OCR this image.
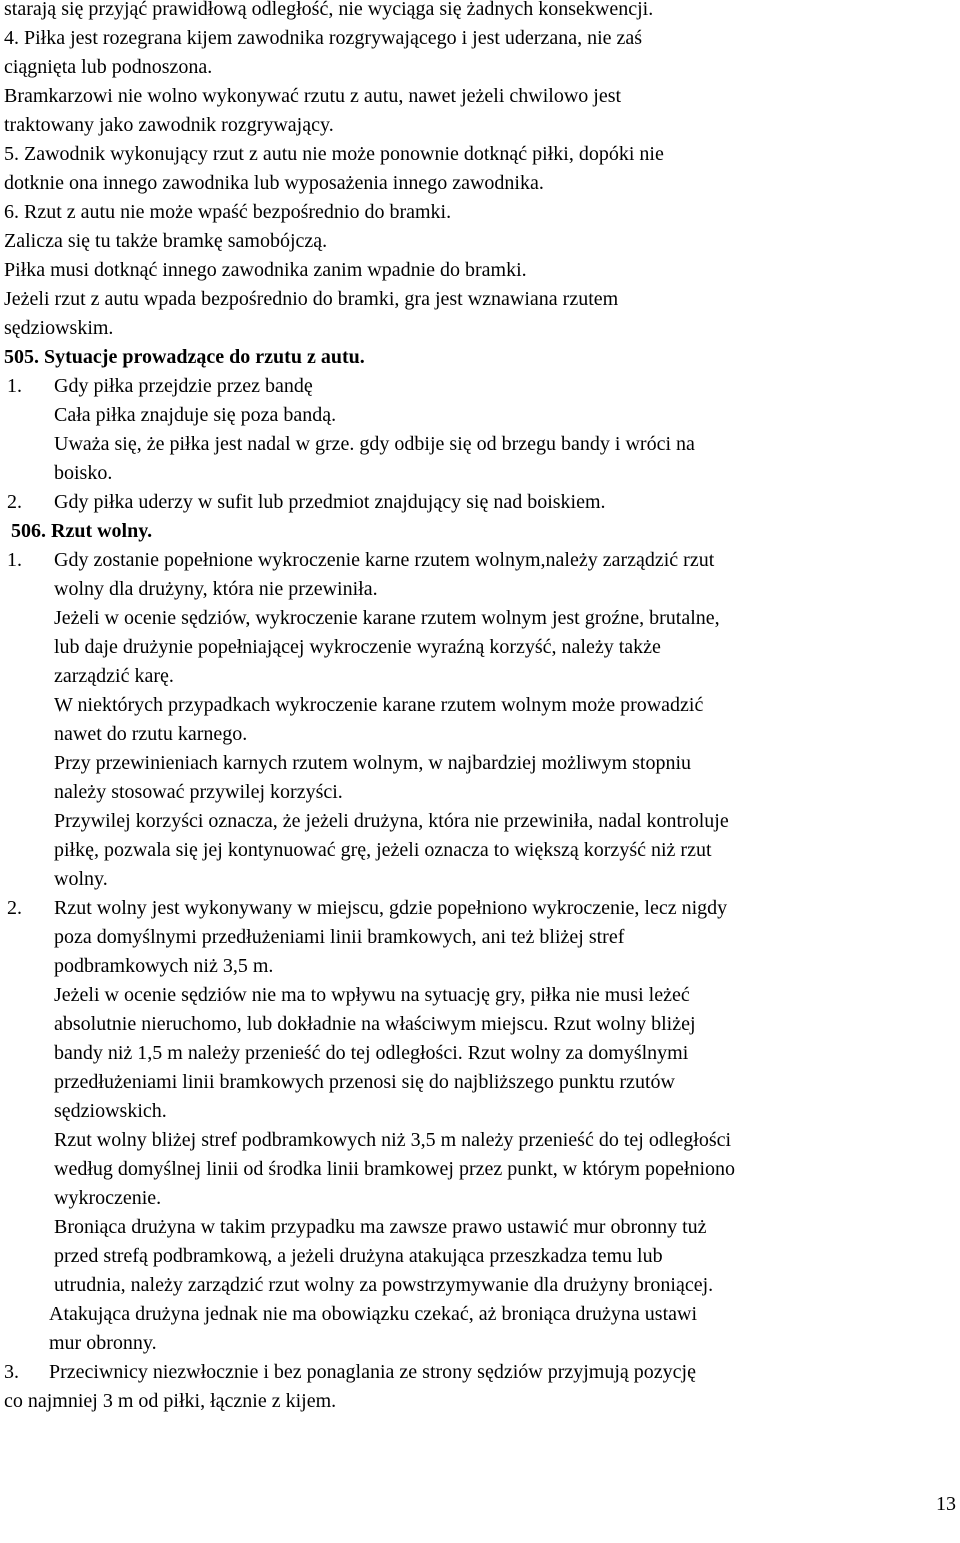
starają się przyjąć prawidłową odległość, nie wyciąga się żadnych konsekwencji.
4. Piłka jest rozegrana kijem zawodnika rozgrywającego i jest uderzana, nie zaś
ciągnięta lub podnoszona.
Bramkarzowi nie wolno wykonywać rzutu z autu, nawet jeżeli chwilowo jest
traktowany jako zawodnik rozgrywający.
5. Zawodnik wykonujący rzut z autu nie może ponownie dotknąć piłki, dopóki nie
dotknie ona innego zawodnika lub wyposażenia innego zawodnika.
6. Rzut z autu nie może wpaść bezpośrednio do bramki.
Zalicza się tu także bramkę samobójczą.
Piłka musi dotknąć innego zawodnika zanim wpadnie do bramki.
Jeżeli rzut z autu wpada bezpośrednio do bramki, gra jest wznawiana rzutem
sędziowskim.
505. Sytuacje prowadzące do rzutu z autu.
1. Gdy piłka przejdzie przez bandę
Cała piłka znajduje się poza bandą.
Uważa się, że piłka jest nadal w grze. gdy odbije się od brzegu bandy i wróci na
boisko.
2. Gdy piłka uderzy w sufit lub przedmiot znajdujący się nad boiskiem.
506. Rzut wolny.
1. Gdy zostanie popełnione wykroczenie karne rzutem wolnym,należy zarządzić rzut
wolny dla drużyny, która nie przewiniła.
Jeżeli w ocenie sędziów, wykroczenie karane rzutem wolnym jest groźne, brutalne,
lub daje drużynie popełniającej wykroczenie wyraźną korzyść, należy także
zarządzić karę.
W niektórych przypadkach wykroczenie karane rzutem wolnym może prowadzić
nawet do rzutu karnego.
Przy przewinieniach karnych rzutem wolnym, w najbardziej możliwym stopniu
należy stosować przywilej korzyści.
Przywilej korzyści oznacza, że jeżeli drużyna, która nie przewiniła, nadal kontroluje
piłkę, pozwala się jej kontynuować grę, jeżeli oznacza to większą korzyść niż rzut
wolny.
2. Rzut wolny jest wykonywany w miejscu, gdzie popełniono wykroczenie, lecz nigdy
poza domyślnymi przedłużeniami linii bramkowych, ani też bliżej stref
podbramkowych niż 3,5 m.
Jeżeli w ocenie sędziów nie ma to wpływu na sytuację gry, piłka nie musi leżeć
absolutnie nieruchomo, lub dokładnie na właściwym miejscu. Rzut wolny bliżej
bandy niż 1,5 m należy przenieść do tej odległości. Rzut wolny za domyślnymi
przedłużeniami linii bramkowych przenosi się do najbliższego punktu rzutów
sędziowskich.
Rzut wolny bliżej stref podbramkowych niż 3,5 m należy przenieść do tej odległości
według domyślnej linii od środka linii bramkowej przez punkt, w którym popełniono
wykroczenie.
Broniąca drużyna w takim przypadku ma zawsze prawo ustawić mur obronny tuż
przed strefą podbramkową, a jeżeli drużyna atakująca przeszkadza temu lub
utrudnia, należy zarządzić rzut wolny za powstrzymywanie dla drużyny broniącej.
Atakująca drużyna jednak nie ma obowiązku czekać, aż broniąca drużyna ustawi
mur obronny.
3. Przeciwnicy niezwłocznie i bez ponaglania ze strony sędziów przyjmują pozycję
co najmniej 3 m od piłki, łącznie z kijem.
13
